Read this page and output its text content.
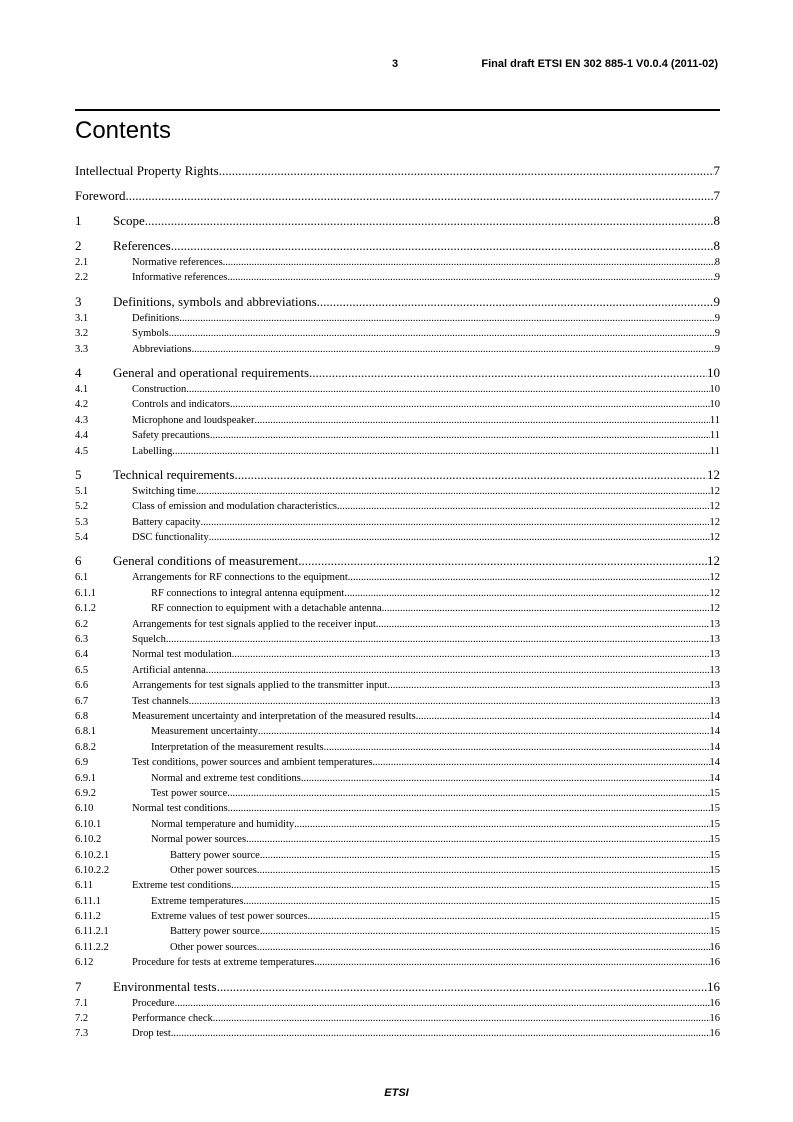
3	Final draft ETSI EN 302 885-1 V0.0.4 (2011-02)
Contents
Intellectual Property Rights .....	7
Foreword .....	7
1	Scope .....	8
2	References .....	8
2.1	Normative references .....	8
2.2	Informative references .....	9
3	Definitions, symbols and abbreviations .....	9
3.1	Definitions .....	9
3.2	Symbols .....	9
3.3	Abbreviations .....	9
4	General and operational requirements .....	10
4.1	Construction .....	10
4.2	Controls and indicators .....	10
4.3	Microphone and loudspeaker .....	11
4.4	Safety precautions .....	11
4.5	Labelling .....	11
5	Technical requirements .....	12
5.1	Switching time .....	12
5.2	Class of emission and modulation characteristics .....	12
5.3	Battery capacity .....	12
5.4	DSC functionality .....	12
6	General conditions of measurement .....	12
6.1	Arrangements for RF connections to the equipment .....	12
6.1.1	RF connections to integral antenna equipment .....	12
6.1.2	RF connection to equipment with a detachable antenna .....	12
6.2	Arrangements for test signals applied to the receiver input .....	13
6.3	Squelch .....	13
6.4	Normal test modulation .....	13
6.5	Artificial antenna .....	13
6.6	Arrangements for test signals applied to the transmitter input .....	13
6.7	Test channels .....	13
6.8	Measurement uncertainty and interpretation of the measured results .....	14
6.8.1	Measurement uncertainty .....	14
6.8.2	Interpretation of the measurement results .....	14
6.9	Test conditions, power sources and ambient temperatures .....	14
6.9.1	Normal and extreme test conditions .....	14
6.9.2	Test power source .....	15
6.10	Normal test conditions .....	15
6.10.1	Normal temperature and humidity .....	15
6.10.2	Normal power sources .....	15
6.10.2.1	Battery power source .....	15
6.10.2.2	Other power sources .....	15
6.11	Extreme test conditions .....	15
6.11.1	Extreme temperatures .....	15
6.11.2	Extreme values of test power sources .....	15
6.11.2.1	Battery power source .....	15
6.11.2.2	Other power sources .....	16
6.12	Procedure for tests at extreme temperatures .....	16
7	Environmental tests .....	16
7.1	Procedure .....	16
7.2	Performance check .....	16
7.3	Drop test .....	16
ETSI
